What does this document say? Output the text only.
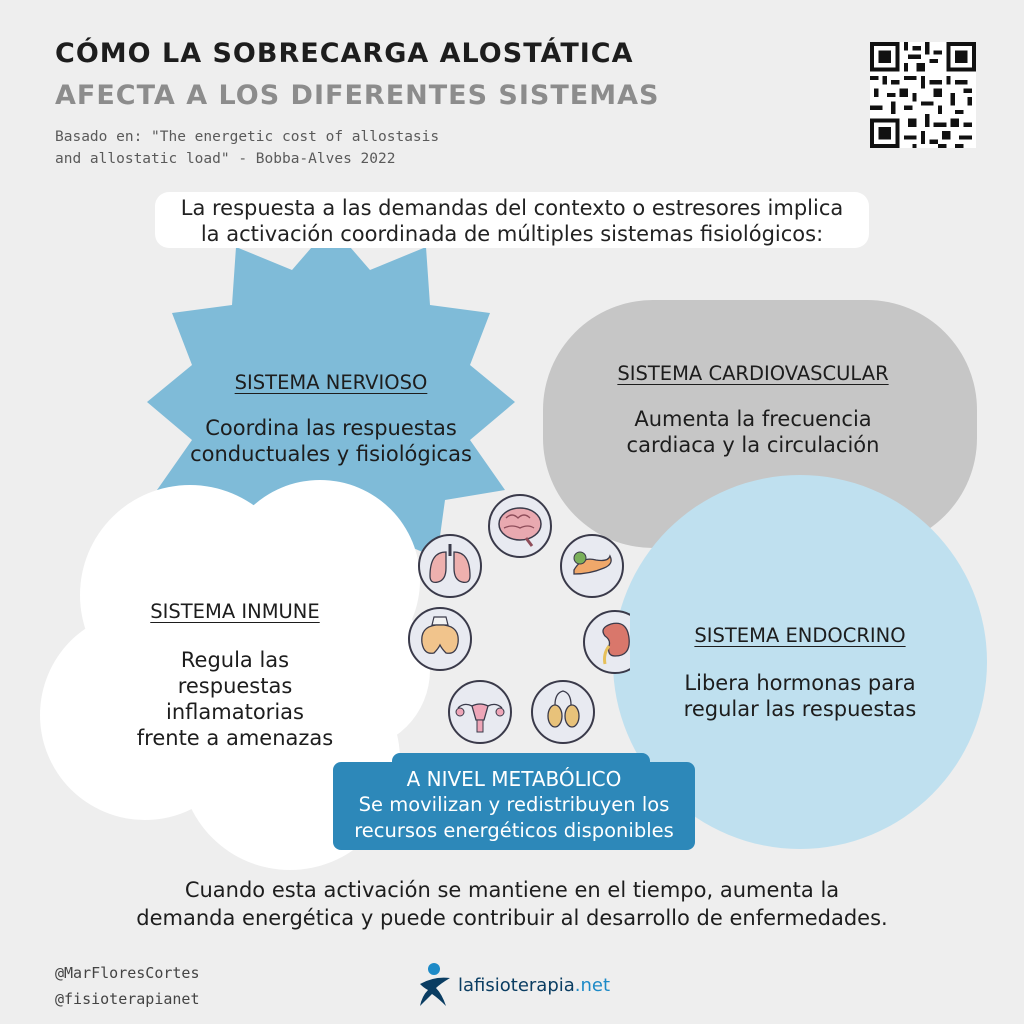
CÓMO LA SOBRECARGA ALOSTÁTICA
AFECTA A LOS DIFERENTES SISTEMAS
Basado en: "The energetic cost of allostasis
and allostatic load" - Bobba-Alves 2022
La respuesta a las demandas del contexto o estresores implica
la activación coordinada de múltiples sistemas fisiológicos:
SISTEMA NERVIOSO
Coordina las respuestas
conductuales y fisiológicas
SISTEMA CARDIOVASCULAR
Aumenta la frecuencia
cardiaca y la circulación
SISTEMA INMUNE
Regula las
respuestas
inflamatorias
frente a amenazas
SISTEMA ENDOCRINO
Libera hormonas para
regular las respuestas
A NIVEL METABÓLICO
Se movilizan y redistribuyen los
recursos energéticos disponibles
Cuando esta activación se mantiene en el tiempo, aumenta la
demanda energética y puede contribuir al desarrollo de enfermedades.
@MarFloresCortes
@fisioterapianet
lafisioterapia.net
